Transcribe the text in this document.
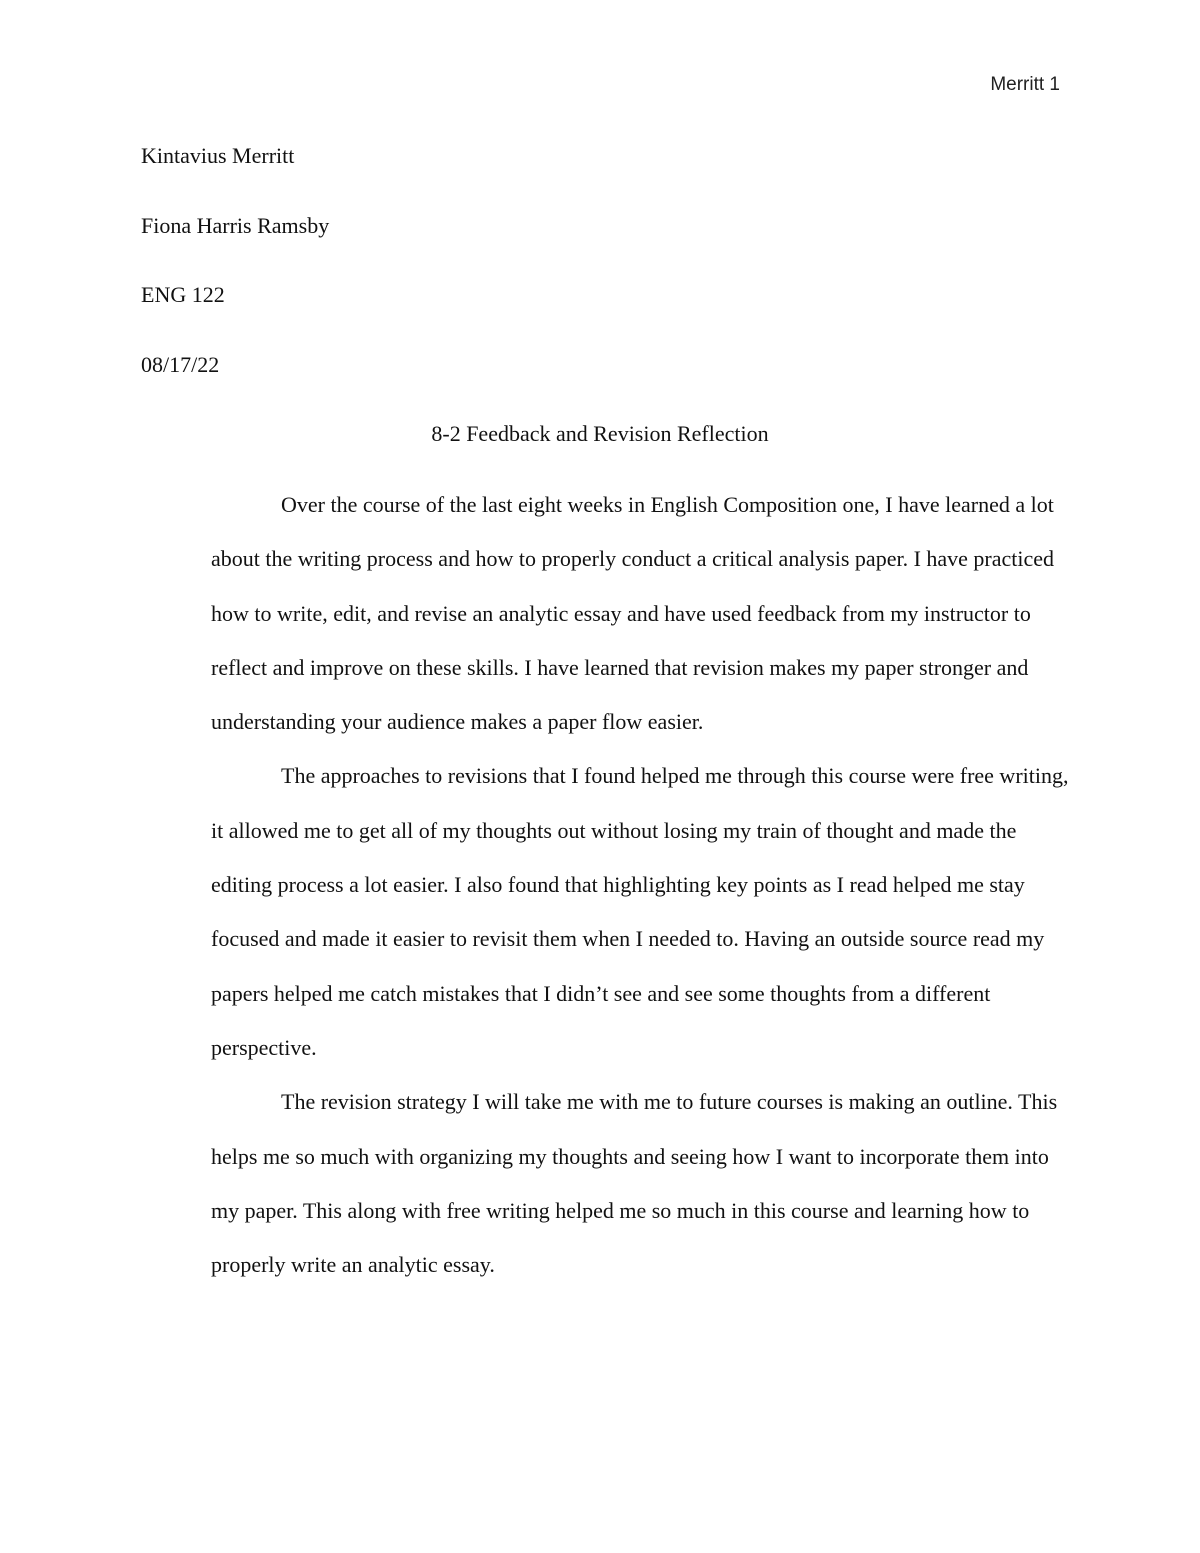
Merritt 1
Kintavius Merritt
Fiona Harris Ramsby
ENG 122
08/17/22
8-2 Feedback and Revision Reflection

Over the course of the last eight weeks in English Composition one, I have learned a lot about the writing process and how to properly conduct a critical analysis paper. I have practiced how to write, edit, and revise an analytic essay and have used feedback from my instructor to reflect and improve on these skills. I have learned that revision makes my paper stronger and understanding your audience makes a paper flow easier.

The approaches to revisions that I found helped me through this course were free writing, it allowed me to get all of my thoughts out without losing my train of thought and made the editing process a lot easier. I also found that highlighting key points as I read helped me stay focused and made it easier to revisit them when I needed to. Having an outside source read my papers helped me catch mistakes that I didn’t see and see some thoughts from a different perspective.

The revision strategy I will take me with me to future courses is making an outline. This helps me so much with organizing my thoughts and seeing how I want to incorporate them into my paper. This along with free writing helped me so much in this course and learning how to properly write an analytic essay.
